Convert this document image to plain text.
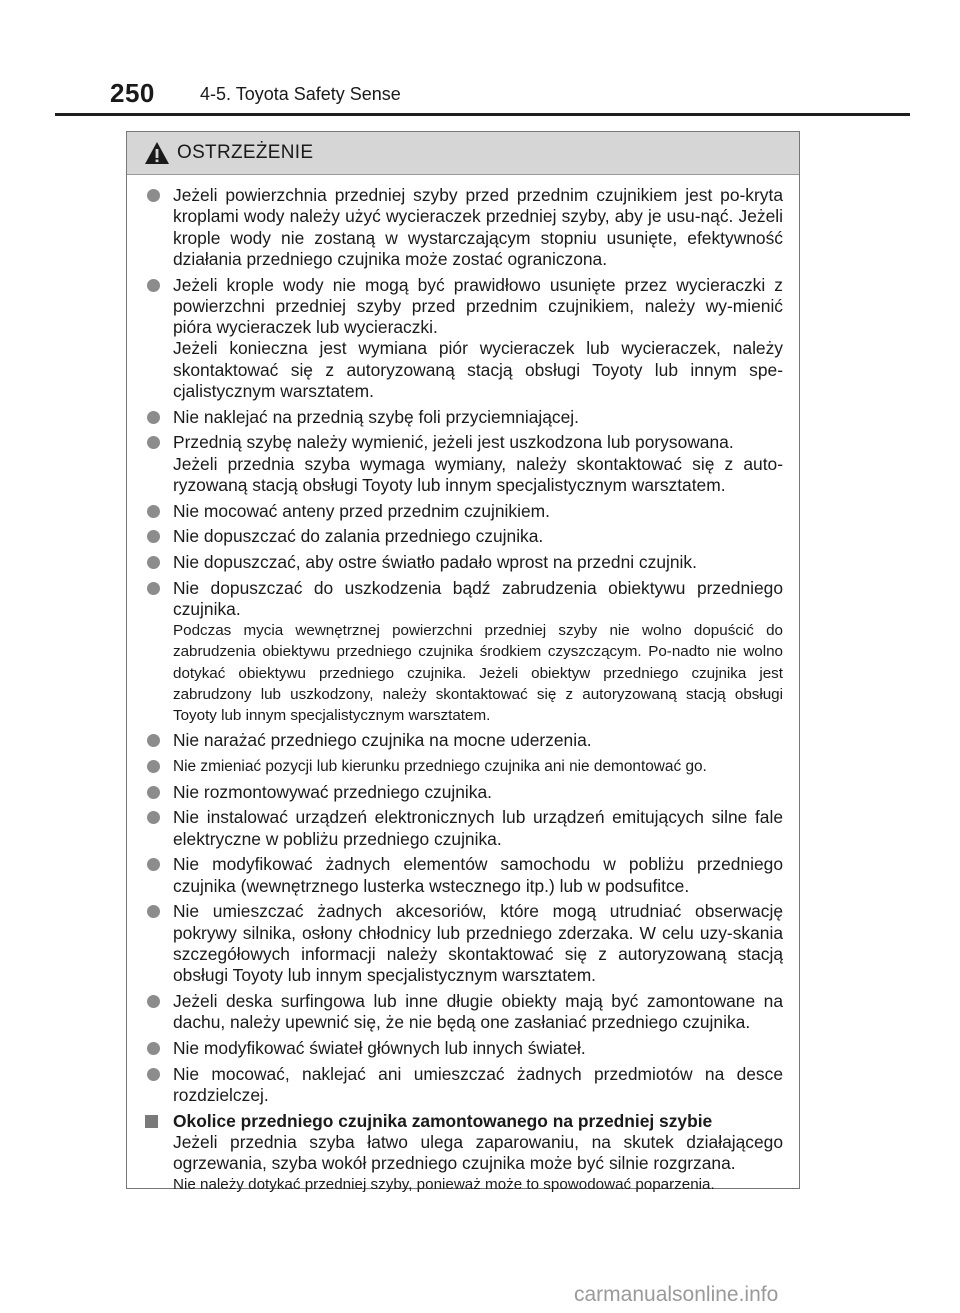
250	4-5. Toyota Safety Sense
OSTRZEŻENIE

Jeżeli powierzchnia przedniej szyby przed przednim czujnikiem jest po-kryta kroplami wody należy użyć wycieraczek przedniej szyby, aby je usu-nąć. Jeżeli krople wody nie zostaną w wystarczającym stopniu usunięte, efektywność działania przedniego czujnika może zostać ograniczona.

Jeżeli krople wody nie mogą być prawidłowo usunięte przez wycieraczki z powierzchni przedniej szyby przed przednim czujnikiem, należy wy-mienić pióra wycieraczek lub wycieraczki.

Jeżeli konieczna jest wymiana piór wycieraczek lub wycieraczek, należy skontaktować się z autoryzowaną stacją obsługi Toyoty lub innym spe-cjalistycznym warsztatem.

Nie naklejać na przednią szybę foli przyciemniającej.

Przednią szybę należy wymienić, jeżeli jest uszkodzona lub porysowana.

Jeżeli przednia szyba wymaga wymiany, należy skontaktować się z auto-ryzowaną stacją obsługi Toyoty lub innym specjalistycznym warsztatem.

Nie mocować anteny przed przednim czujnikiem.

Nie dopuszczać do zalania przedniego czujnika.

Nie dopuszczać, aby ostre światło padało wprost na przedni czujnik.

Nie dopuszczać do uszkodzenia bądź zabrudzenia obiektywu przedniego czujnika.

Podczas mycia wewnętrznej powierzchni przedniej szyby nie wolno dopuścić do zabrudzenia obiektywu przedniego czujnika środkiem czyszczącym. Po-nadto nie wolno dotykać obiektywu przedniego czujnika. Jeżeli obiektyw przedniego czujnika jest zabrudzony lub uszkodzony, należy skontaktować się z autoryzowaną stacją obsługi Toyoty lub innym specjalistycznym warsztatem.

Nie narażać przedniego czujnika na mocne uderzenia.

Nie zmieniać pozycji lub kierunku przedniego czujnika ani nie demontować go.

Nie rozmontowywać przedniego czujnika.

Nie instalować urządzeń elektronicznych lub urządzeń emitujących silne fale elektryczne w pobliżu przedniego czujnika.

Nie modyfikować żadnych elementów samochodu w pobliżu przedniego czujnika (wewnętrznego lusterka wstecznego itp.) lub w podsufitce.

Nie umieszczać żadnych akcesoriów, które mogą utrudniać obserwację pokrywy silnika, osłony chłodnicy lub przedniego zderzaka. W celu uzy-skania szczegółowych informacji należy skontaktować się z autoryzowaną stacją obsługi Toyoty lub innym specjalistycznym warsztatem.

Jeżeli deska surfingowa lub inne długie obiekty mają być zamontowane na dachu, należy upewnić się, że nie będą one zasłaniać przedniego czujnika.

Nie modyfikować świateł głównych lub innych świateł.

Nie mocować, naklejać ani umieszczać żadnych przedmiotów na desce rozdzielczej.

Okolice przedniego czujnika zamontowanego na przedniej szybie
Jeżeli przednia szyba łatwo ulega zaparowaniu, na skutek działającego ogrzewania, szyba wokół przedniego czujnika może być silnie rozgrzana.
Nie należy dotykać przedniej szyby, ponieważ może to spowodować poparzenia.
carmanualsonline.info
